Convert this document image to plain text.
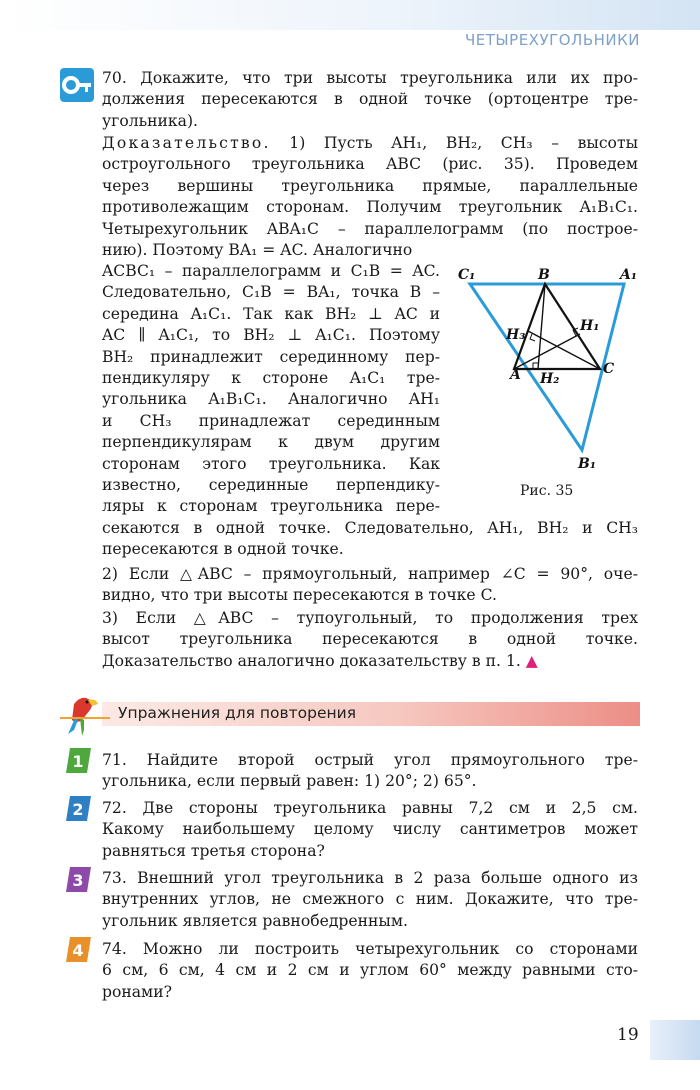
ЧЕТЫРЕХУГОЛЬНИКИ
70. Докажите, что три высоты треугольника или их про-
должения пересекаются в одной точке (ортоцентре тре-
угольника).
Доказательство. 1) Пусть AH₁, BH₂, CH₃ – высоты
остроугольного треугольника ABC (рис. 35). Проведем
через вершины треугольника прямые, параллельные
противолежащим сторонам. Получим треугольник A₁B₁C₁.
Четырехугольник ABA₁C – параллелограмм (по построе-
нию). Поэтому BA₁ = AC. Аналогично
ACBC₁ – параллелограмм и C₁B = AC.
Следовательно, C₁B = BA₁, точка B –
середина A₁C₁. Так как BH₂ ⊥ AC и
AC ∥ A₁C₁, то BH₂ ⊥ A₁C₁. Поэтому
BH₂ принадлежит серединному пер-
пендикуляру к стороне A₁C₁ тре-
угольника A₁B₁C₁. Аналогично AH₁
и CH₃ принадлежат серединным
перпендикулярам к двум другим
сторонам этого треугольника. Как
известно, серединные перпендику-
ляры к сторонам треугольника пере-
секаются в одной точке. Следовательно, AH₁, BH₂ и CH₃
пересекаются в одной точке.
2) Если △ABC – прямоугольный, например ∠C = 90°, оче-
видно, что три высоты пересекаются в точке C.
3) Если △ABC – тупоугольный, то продолжения трех
высот треугольника пересекаются в одной точке.
Доказательство аналогично доказательству в п. 1. ▲
C₁	B	A₁
H₁
H₃
A H₂
C
B₁
Рис. 35
Упражнения для повторения
1
2
3
4
71. Найдите второй острый угол прямоугольного тре-
угольника, если первый равен: 1) 20°; 2) 65°.
72. Две стороны треугольника равны 7,2 см и 2,5 см.
Какому наибольшему целому числу сантиметров может
равняться третья сторона?
73. Внешний угол треугольника в 2 раза больше одного из
внутренних углов, не смежного с ним. Докажите, что тре-
угольник является равнобедренным.
74. Можно ли построить четырехугольник со сторонами
6 см, 6 см, 4 см и 2 см и углом 60° между равными сто-
ронами?
19
